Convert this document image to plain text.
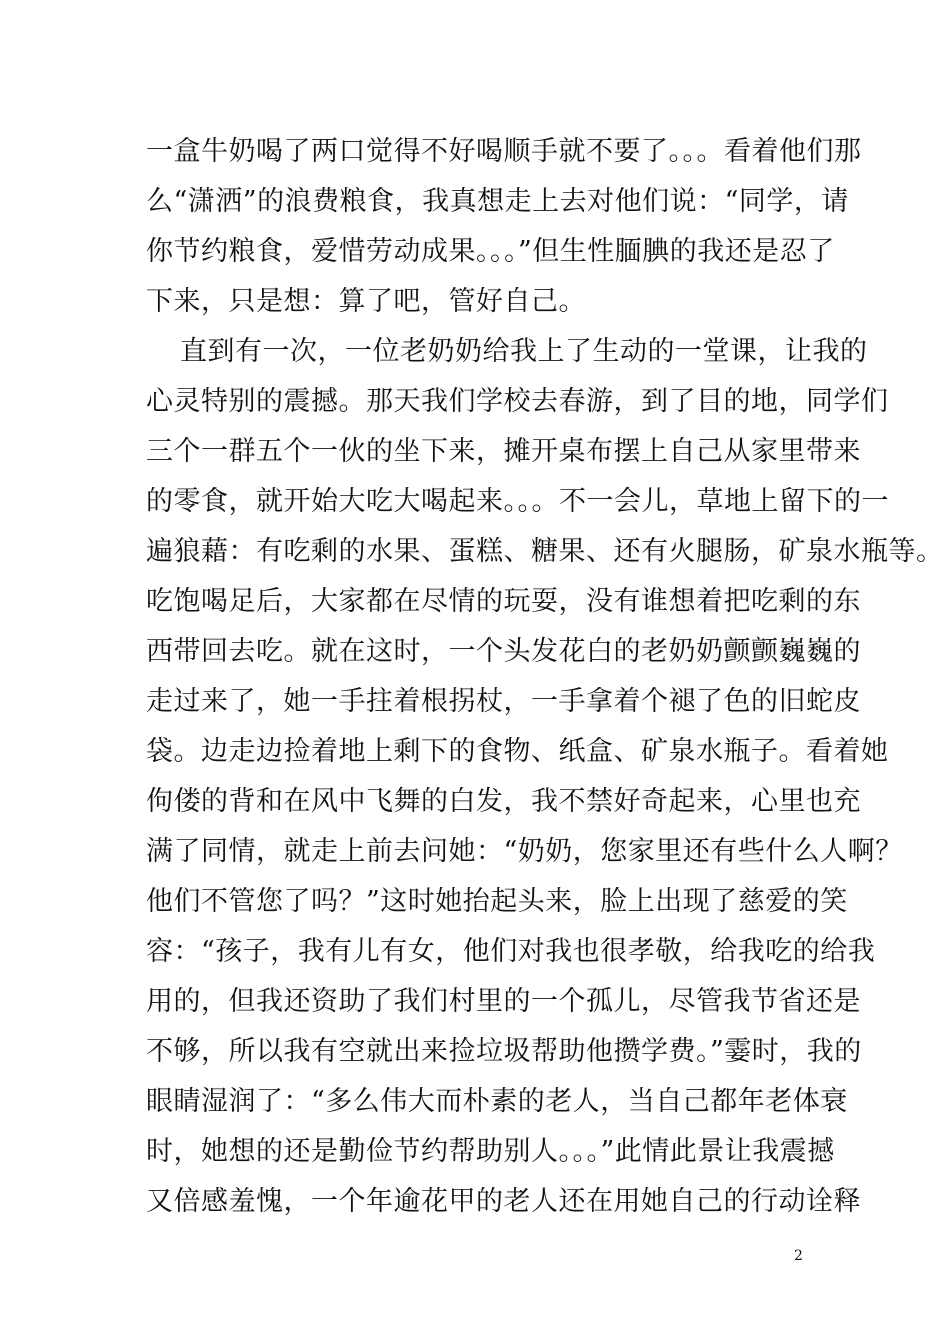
一盒牛奶喝了两口觉得不好喝顺手就不要了。。。看着他们那
么“潇洒”的浪费粮食，我真想走上去对他们说：“同学，请
你节约粮食，爱惜劳动成果。。。”但生性腼腆的我还是忍了
下来，只是想：算了吧，管好自己。
直到有一次，一位老奶奶给我上了生动的一堂课，让我的
心灵特别的震撼。那天我们学校去春游，到了目的地，同学们
三个一群五个一伙的坐下来，摊开桌布摆上自己从家里带来
的零食，就开始大吃大喝起来。。。不一会儿，草地上留下的一
遍狼藉：有吃剩的水果、蛋糕、糖果、还有火腿肠，矿泉水瓶等。
吃饱喝足后，大家都在尽情的玩耍，没有谁想着把吃剩的东
西带回去吃。就在这时，一个头发花白的老奶奶颤颤巍巍的
走过来了，她一手拄着根拐杖，一手拿着个褪了色的旧蛇皮
袋。边走边捡着地上剩下的食物、纸盒、矿泉水瓶子。看着她
佝偻的背和在风中飞舞的白发，我不禁好奇起来，心里也充
满了同情，就走上前去问她：“奶奶，您家里还有些什么人啊？
他们不管您了吗？”这时她抬起头来，脸上出现了慈爱的笑
容：“孩子，我有儿有女，他们对我也很孝敬，给我吃的给我
用的，但我还资助了我们村里的一个孤儿，尽管我节省还是
不够，所以我有空就出来捡垃圾帮助他攒学费。”霎时，我的
眼睛湿润了：“多么伟大而朴素的老人，当自己都年老体衰
时，她想的还是勤俭节约帮助别人。。。”此情此景让我震撼
又倍感羞愧，一个年逾花甲的老人还在用她自己的行动诠释
2
